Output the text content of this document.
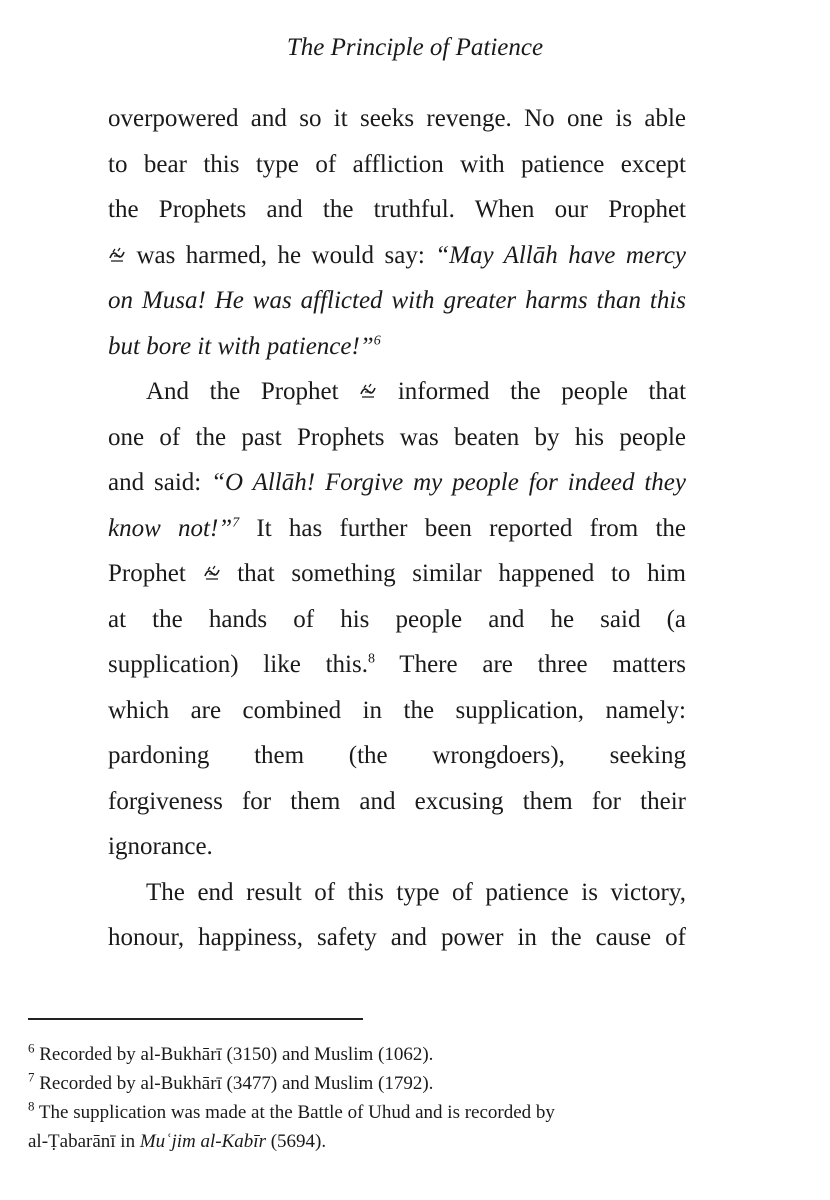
The Principle of Patience
overpowered and so it seeks revenge. No one is able
to bear this type of affliction with patience except
the Prophets and the truthful. When our Prophet
was harmed, he would say: “May Allāh have mercy
on Musa! He was afflicted with greater harms than this
but bore it with patience!”$^6$
And the Prophet informed the people that
one of the past Prophets was beaten by his people
and said: “O Allāh! Forgive my people for indeed they
know not!”$^7$ It has further been reported from the
Prophet that something similar happened to him
at the hands of his people and he said (a
supplication) like this.$^8$ There are three matters
which are combined in the supplication, namely:
pardoning them (the wrongdoers), seeking
forgiveness for them and excusing them for their
ignorance.
The end result of this type of patience is victory,
honour, happiness, safety and power in the cause of
$^6$ Recorded by al-Bukhārī (3150) and Muslim (1062).
$^7$ Recorded by al-Bukhārī (3477) and Muslim (1792).
$^8$ The supplication was made at the Battle of Uhud and is recorded by
al-Ṭabarānī in Muʿjim al-Kabīr (5694).
